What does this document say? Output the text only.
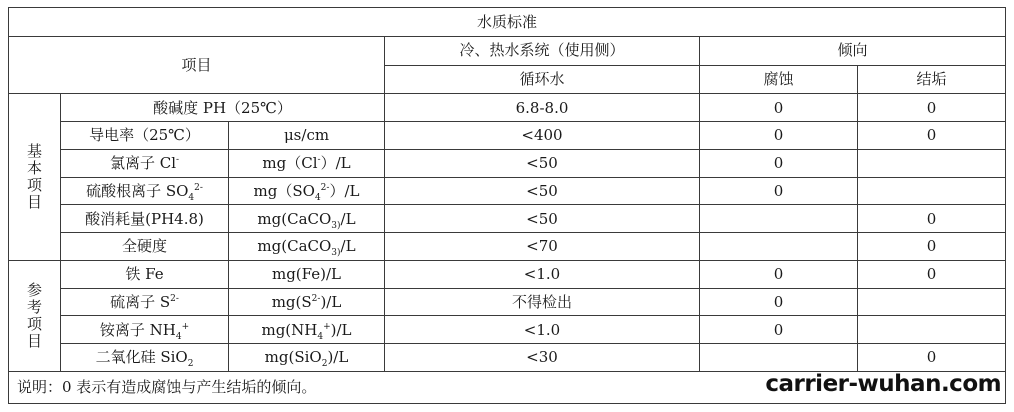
水质标准					
项目			冷、热水系统（使用侧）	倾向	
			循环水		腐蚀	结垢
基本项目	酸碱度 PH（25℃）		6.8-8.0		0	0
	导电率（25℃）	μs/cm	<400		0	0
	氯离子 Cl-	mg（Cl-）/L	<50		0	
	硫酸根离子 $SO_4^{2-}$	$mg(SO_4^{2-})/L$	<50		0	
	酸消耗量(PH4.8)	mg(CaCO$_{3)}$/L	<50			0
	全硬度	mg(CaCO$_{3)}$/L	<70			0
参考项目	铁 Fe	mg(Fe)/L	<1.0		0	0
	硫离子 $S^{2-}$	$mg(S^{2-})/L$	不得检出		0	
	铵离子 $NH_4^+$	$mg(NH_4^+)/L$	<1.0		0	
	二氧化硅 SiO$_2$	mg(SiO$_2$)/L	<30			0
说明：0 表示有造成腐蚀与产生结垢的倾向。 carrier-wuhan.com					
